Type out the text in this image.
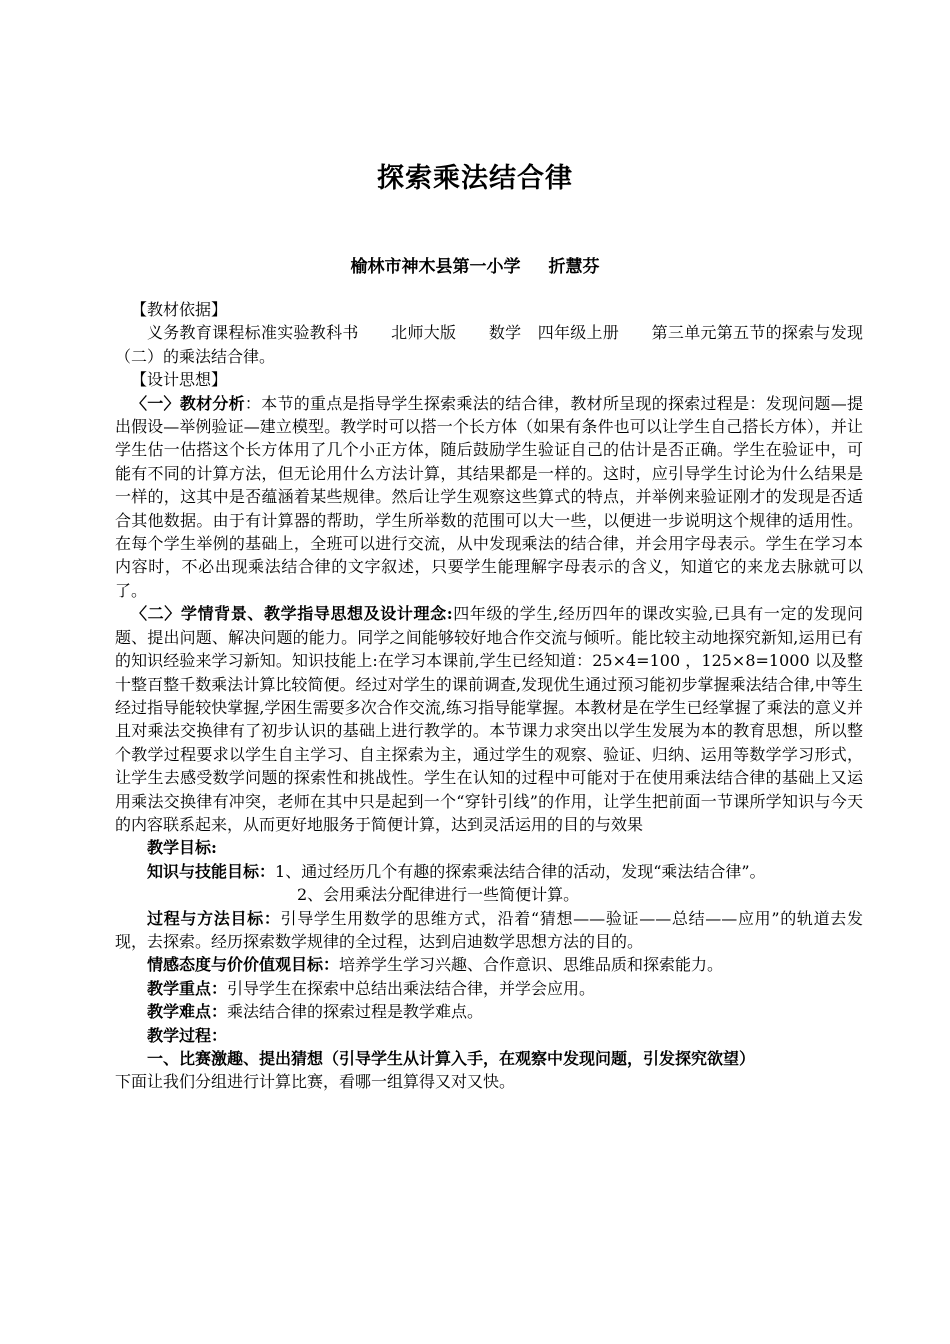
探索乘法结合律
榆林市神木县第一小学 折慧芬

【教材依据】

义务教育课程标准实验教科书　　北师大版　　数学　四年级上册　　第三单元第五节的探索与发现（二）的乘法结合律。

【设计思想】

〈一〉教材分析：本节的重点是指导学生探索乘法的结合律，教材所呈现的探索过程是：发现问题—提出假设—举例验证—建立模型。教学时可以搭一个长方体（如果有条件也可以让学生自己搭长方体），并让学生估一估搭这个长方体用了几个小正方体，随后鼓励学生验证自己的估计是否正确。学生在验证中，可能有不同的计算方法，但无论用什么方法计算，其结果都是一样的。这时，应引导学生讨论为什么结果是一样的，这其中是否蕴涵着某些规律。然后让学生观察这些算式的特点，并举例来验证刚才的发现是否适合其他数据。由于有计算器的帮助，学生所举数的范围可以大一些，以便进一步说明这个规律的适用性。在每个学生举例的基础上，全班可以进行交流，从中发现乘法的结合律，并会用字母表示。学生在学习本内容时，不必出现乘法结合律的文字叙述，只要学生能理解字母表示的含义，知道它的来龙去脉就可以了。

〈二〉学情背景、教学指导思想及设计理念:四年级的学生,经历四年的课改实验,已具有一定的发现问题、提出问题、解决问题的能力。同学之间能够较好地合作交流与倾听。能比较主动地探究新知,运用已有的知识经验来学习新知。知识技能上:在学习本课前,学生已经知道：25×4=100 ，125×8=1000 以及整十整百整千数乘法计算比较简便。经过对学生的课前调查,发现优生通过预习能初步掌握乘法结合律,中等生经过指导能较快掌握,学困生需要多次合作交流,练习指导能掌握。本教材是在学生已经掌握了乘法的意义并且对乘法交换律有了初步认识的基础上进行教学的。本节课力求突出以学生发展为本的教育思想，所以整个教学过程要求以学生自主学习、自主探索为主，通过学生的观察、验证、归纳、运用等数学学习形式，让学生去感受数学问题的探索性和挑战性。学生在认知的过程中可能对于在使用乘法结合律的基础上又运用乘法交换律有冲突，老师在其中只是起到一个“穿针引线”的作用，让学生把前面一节课所学知识与今天的内容联系起来，从而更好地服务于简便计算，达到灵活运用的目的与效果

教学目标:

知识与技能目标：1、通过经历几个有趣的探索乘法结合律的活动，发现“乘法结合律”。

2、会用乘法分配律进行一些简便计算。

过程与方法目标：引导学生用数学的思维方式，沿着“猜想——验证——总结——应用”的轨道去发现，去探索。经历探索数学规律的全过程，达到启迪数学思想方法的目的。

情感态度与价价值观目标：培养学生学习兴趣、合作意识、思维品质和探索能力。

教学重点：引导学生在探索中总结出乘法结合律，并学会应用。

教学难点：乘法结合律的探索过程是教学难点。

教学过程：

一、比赛激趣、提出猜想（引导学生从计算入手，在观察中发现问题，引发探究欲望）

下面让我们分组进行计算比赛，看哪一组算得又对又快。
